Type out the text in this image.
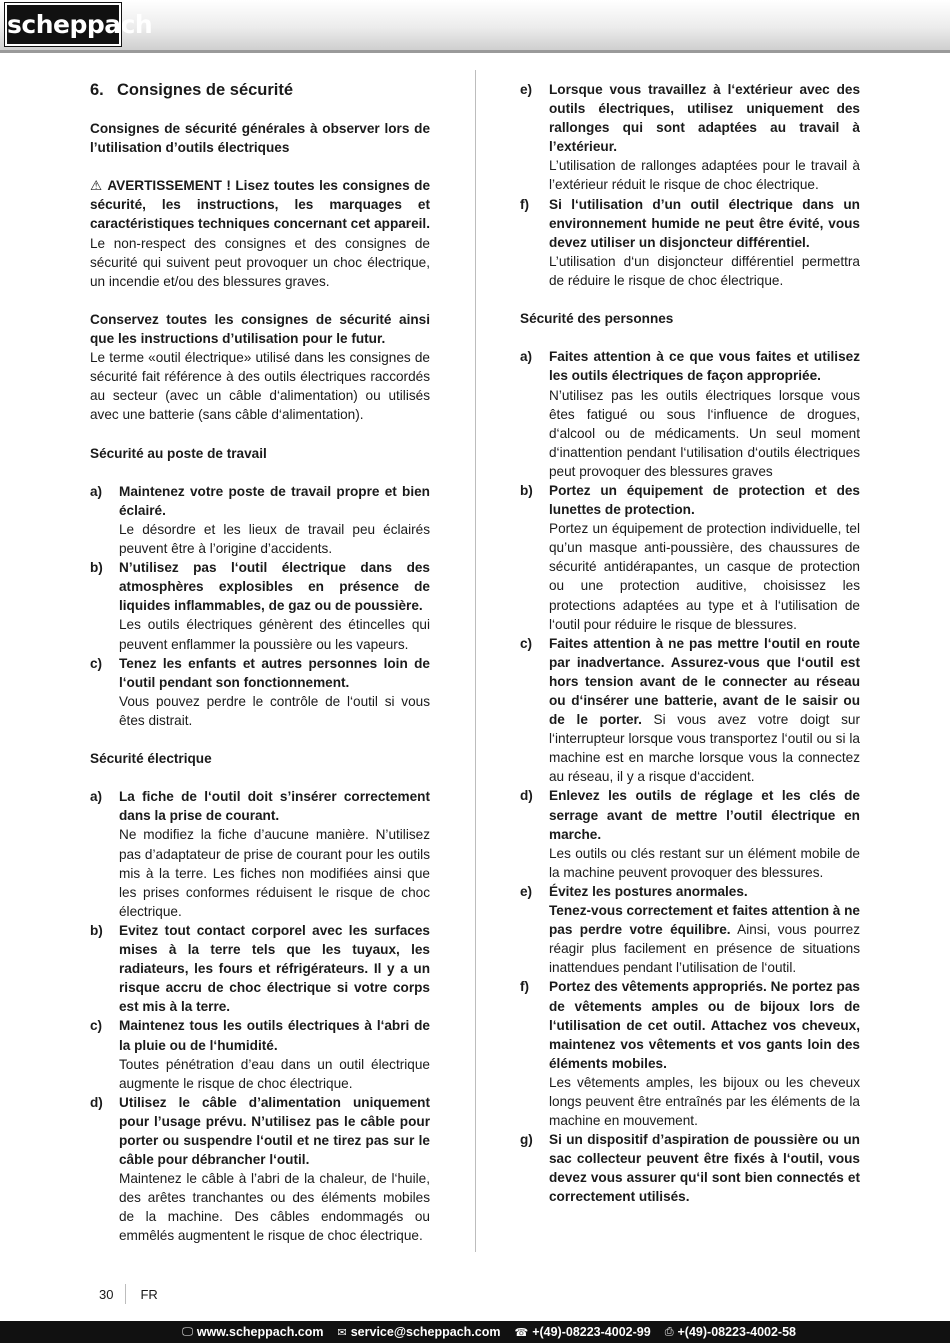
scheppach
6. Consignes de sécurité
Consignes de sécurité générales à observer lors de l’utilisation d’outils électriques
⚠ AVERTISSEMENT ! Lisez toutes les consignes de sécurité, les instructions, les marquages et caractéristiques techniques concernant cet appareil. Le non-respect des consignes et des consignes de sécurité qui suivent peut provoquer un choc électrique, un incendie et/ou des blessures graves.
Conservez toutes les consignes de sécurité ainsi que les instructions d’utilisation pour le futur.
Le terme «outil électrique» utilisé dans les consignes de sécurité fait référence à des outils électriques raccordés au secteur (avec un câble d‘alimentation) ou utilisés avec une batterie (sans câble d‘alimentation).
Sécurité au poste de travail
a)	Maintenez votre poste de travail propre et bien éclairé.
Le désordre et les lieux de travail peu éclairés peuvent être à l’origine d’accidents.
b)	N’utilisez pas l‘outil électrique dans des atmosphères explosibles en présence de liquides inflammables, de gaz ou de poussière.
Les outils électriques génèrent des étincelles qui peuvent enflammer la poussière ou les vapeurs.
c)	Tenez les enfants et autres personnes loin de l‘outil pendant son fonctionnement.
Vous pouvez perdre le contrôle de l‘outil si vous êtes distrait.
Sécurité électrique
a)	La fiche de l‘outil doit s’insérer correctement dans la prise de courant.
Ne modifiez la fiche d’aucune manière. N’utilisez pas d’adaptateur de prise de courant pour les outils mis à la terre. Les fiches non modifiées ainsi que les prises conformes réduisent le risque de choc électrique.
b)	Evitez tout contact corporel avec les surfaces mises à la terre tels que les tuyaux, les radiateurs, les fours et réfrigérateurs. Il y a un risque accru de choc électrique si votre corps est mis à la terre.
c)	Maintenez tous les outils électriques à l‘abri de la pluie ou de l‘humidité.
Toutes pénétration d’eau dans un outil électrique augmente le risque de choc électrique.
d)	Utilisez le câble d’alimentation uniquement pour l’usage prévu. N’utilisez pas le câble pour porter ou suspendre l‘outil et ne tirez pas sur le câble pour débrancher l‘outil.
Maintenez le câble à l’abri de la chaleur, de l‘huile, des arêtes tranchantes ou des éléments mobiles de la machine. Des câbles endommagés ou emmêlés augmentent le risque de choc électrique.
e)	Lorsque vous travaillez à l‘extérieur avec des outils électriques, utilisez uniquement des rallonges qui sont adaptées au travail à l’extérieur.
L’utilisation de rallonges adaptées pour le travail à l’extérieur réduit le risque de choc électrique.
f)	Si l‘utilisation d’un outil électrique dans un environnement humide ne peut être évité, vous devez utiliser un disjoncteur différentiel.
L’utilisation d‘un disjoncteur différentiel permettra de réduire le risque de choc électrique.
Sécurité des personnes
a)	Faites attention à ce que vous faites et utilisez les outils électriques de façon appropriée.
N’utilisez pas les outils électriques lorsque vous êtes fatigué ou sous l‘influence de drogues, d‘alcool ou de médicaments. Un seul moment d‘inattention pendant l‘utilisation d‘outils électriques peut provoquer des blessures graves
b)	Portez un équipement de protection et des lunettes de protection.
Portez un équipement de protection individuelle, tel qu’un masque anti-poussière, des chaussures de sécurité antidérapantes, un casque de protection ou une protection auditive, choisissez les protections adaptées au type et à l‘utilisation de l‘outil pour réduire le risque de blessures.
c)	Faites attention à ne pas mettre l‘outil en route par inadvertance. Assurez-vous que l‘outil est hors tension avant de le connecter au réseau ou d‘insérer une batterie, avant de le saisir ou de le porter. Si vous avez votre doigt sur l‘interrupteur lorsque vous transportez l‘outil ou si la machine est en marche lorsque vous la connectez au réseau, il y a risque d‘accident.
d)	Enlevez les outils de réglage et les clés de serrage avant de mettre l’outil électrique en marche.
Les outils ou clés restant sur un élément mobile de la machine peuvent provoquer des blessures.
e)	Évitez les postures anormales.
Tenez-vous correctement et faites attention à ne pas perdre votre équilibre. Ainsi, vous pourrez réagir plus facilement en présence de situations inattendues pendant l’utilisation de l‘outil.
f)	Portez des vêtements appropriés. Ne portez pas de vêtements amples ou de bijoux lors de l‘utilisation de cet outil. Attachez vos cheveux, maintenez vos vêtements et vos gants loin des éléments mobiles.
Les vêtements amples, les bijoux ou les cheveux longs peuvent être entraînés par les éléments de la machine en mouvement.
g)	Si un dispositif d’aspiration de poussière ou un sac collecteur peuvent être fixés à l‘outil, vous devez vous assurer qu‘il sont bien connectés et correctement utilisés.
30 FR
🖵 www.scheppach.com ✉ service@scheppach.com ☎ +(49)-08223-4002-99 ⎙ +(49)-08223-4002-58
